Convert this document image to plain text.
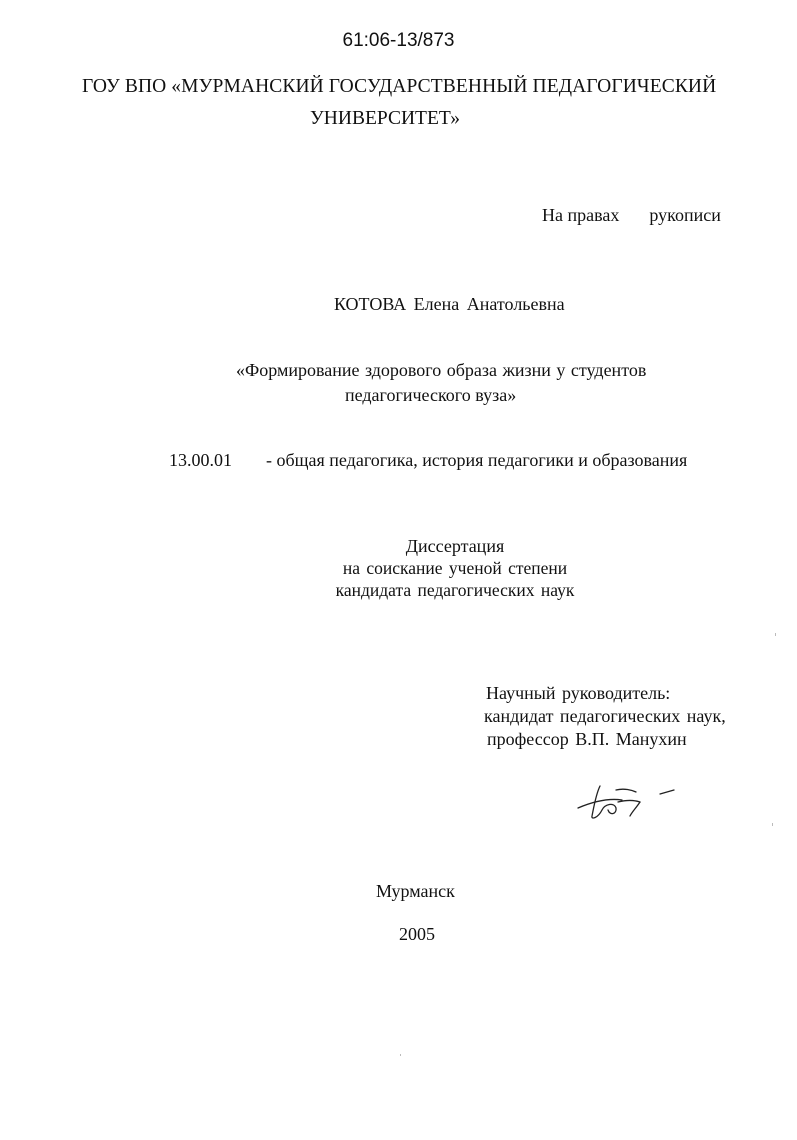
61:06-13/873
ГОУ ВПО «МУРМАНСКИЙ ГОСУДАРСТВЕННЫЙ ПЕДАГОГИЧЕСКИЙ
УНИВЕРСИТЕТ»
На правах рукописи
КОТОВА Елена Анатольевна
«Формирование здорового образа жизни у студентов
педагогического вуза»
13.00.01 - общая педагогика, история педагогики и образования
Диссертация
на соискание ученой степени
кандидата педагогических наук
Научный руководитель:
кандидат педагогических наук,
профессор В.П. Манухин
Мурманск
2005
